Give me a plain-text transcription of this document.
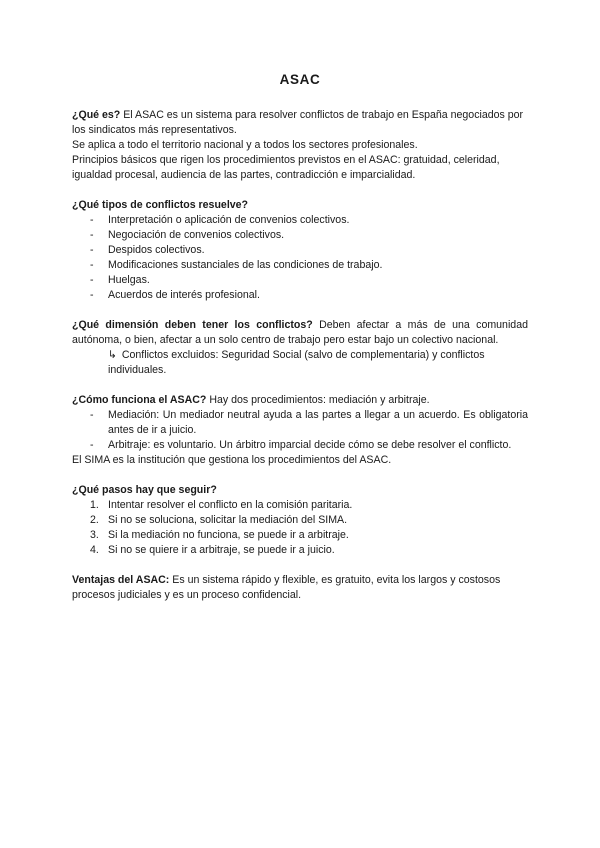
ASAC

¿Qué es? El ASAC es un sistema para resolver conflictos de trabajo en España negociados por los sindicatos más representativos.

Se aplica a todo el territorio nacional y a todos los sectores profesionales.

Principios básicos que rigen los procedimientos previstos en el ASAC: gratuidad, celeridad, igualdad procesal, audiencia de las partes, contradicción e imparcialidad.

¿Qué tipos de conflictos resuelve?

- Interpretación o aplicación de convenios colectivos.
- Negociación de convenios colectivos.
- Despidos colectivos.
- Modificaciones sustanciales de las condiciones de trabajo.
- Huelgas.
- Acuerdos de interés profesional.

¿Qué dimensión deben tener los conflictos? Deben afectar a más de una comunidad autónoma, o bien, afectar a un solo centro de trabajo pero estar bajo un colectivo nacional.

↳ Conflictos excluidos: Seguridad Social (salvo de complementaria) y conflictos individuales.

¿Cómo funciona el ASAC? Hay dos procedimientos: mediación y arbitraje.

- Mediación: Un mediador neutral ayuda a las partes a llegar a un acuerdo. Es obligatoria antes de ir a juicio.
- Arbitraje: es voluntario. Un árbitro imparcial decide cómo se debe resolver el conflicto.

El SIMA es la institución que gestiona los procedimientos del ASAC.

¿Qué pasos hay que seguir?

1. Intentar resolver el conflicto en la comisión paritaria.
2. Si no se soluciona, solicitar la mediación del SIMA.
3. Si la mediación no funciona, se puede ir a arbitraje.
4. Si no se quiere ir a arbitraje, se puede ir a juicio.

Ventajas del ASAC: Es un sistema rápido y flexible, es gratuito, evita los largos y costosos procesos judiciales y es un proceso confidencial.
